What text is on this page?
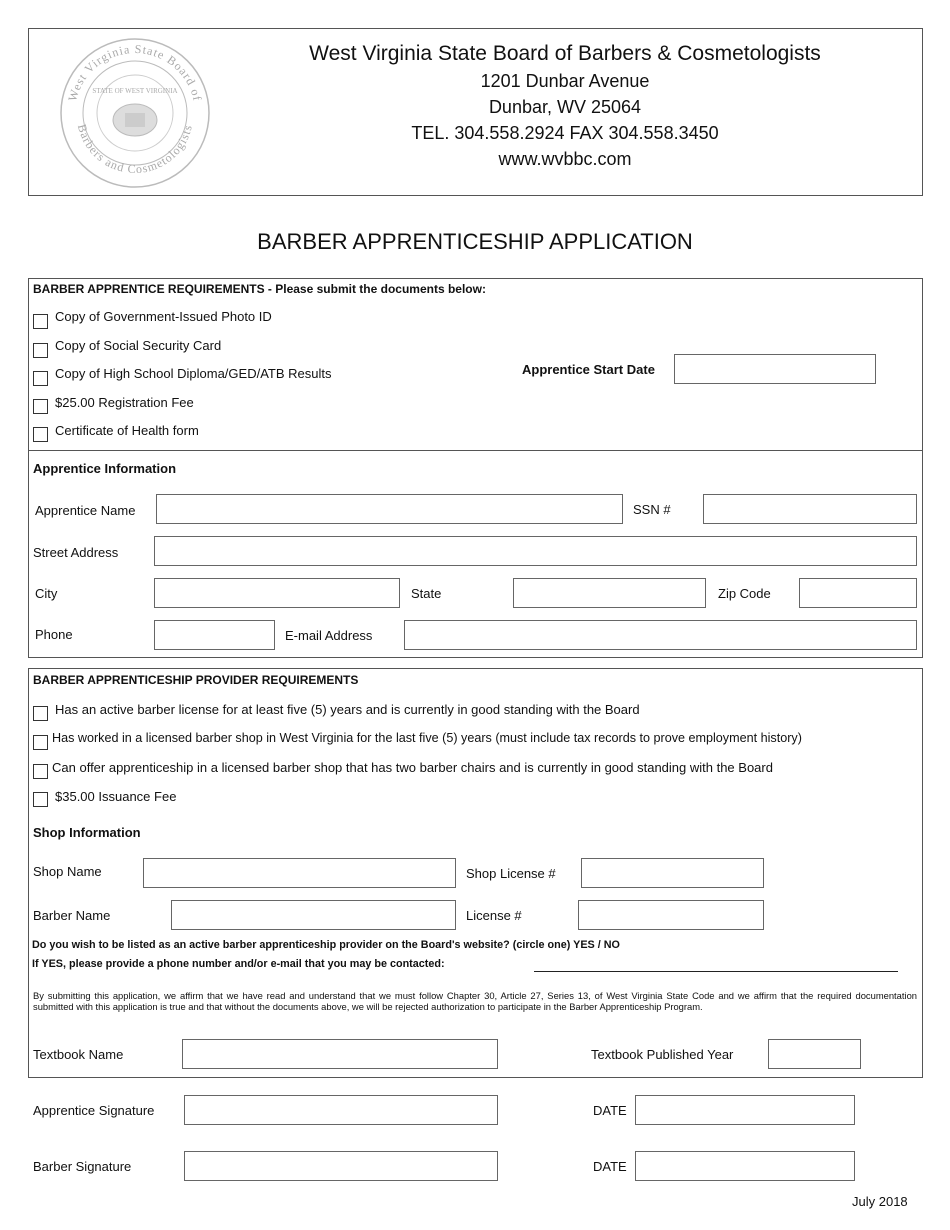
West Virginia State Board of
Barbers and Cosmetologists
STATE OF WEST VIRGINIA
West Virginia State Board of Barbers & Cosmetologists
1201 Dunbar Avenue
Dunbar, WV 25064
TEL. 304.558.2924 FAX 304.558.3450
www.wvbbc.com
BARBER APPRENTICESHIP APPLICATION
BARBER APPRENTICE REQUIREMENTS - Please submit the documents below:
Copy of Government-Issued Photo ID
Copy of Social Security Card
Copy of High School Diploma/GED/ATB Results
$25.00 Registration Fee
Certificate of Health form
Apprentice Start Date
Apprentice Information
Apprentice Name	SSN #
Street Address
City	State	Zip Code
Phone	E-mail Address
BARBER APPRENTICESHIP PROVIDER REQUIREMENTS
Has an active barber license for at least five (5) years and is currently in good standing with the Board
Has worked in a licensed barber shop in West Virginia for the last five (5) years (must include tax records to prove employment history)
Can offer apprenticeship in a licensed barber shop that has two barber chairs and is currently in good standing with the Board
$35.00 Issuance Fee
Shop Information
Shop Name	Shop License #
Barber Name	License #
Do you wish to be listed as an active barber apprenticeship provider on the Board's website? (circle one) YES / NO
If YES, please provide a phone number and/or e-mail that you may be contacted:
By submitting this application, we affirm that we have read and understand that we must follow Chapter 30, Article 27, Series 13, of West Virginia State Code and we affirm that the required documentation submitted with this application is true and that without the documents above, we will be rejected authorization to participate in the Barber Apprenticeship Program.
Textbook Name	Textbook Published Year
Apprentice Signature	DATE
Barber Signature	DATE
July 2018
